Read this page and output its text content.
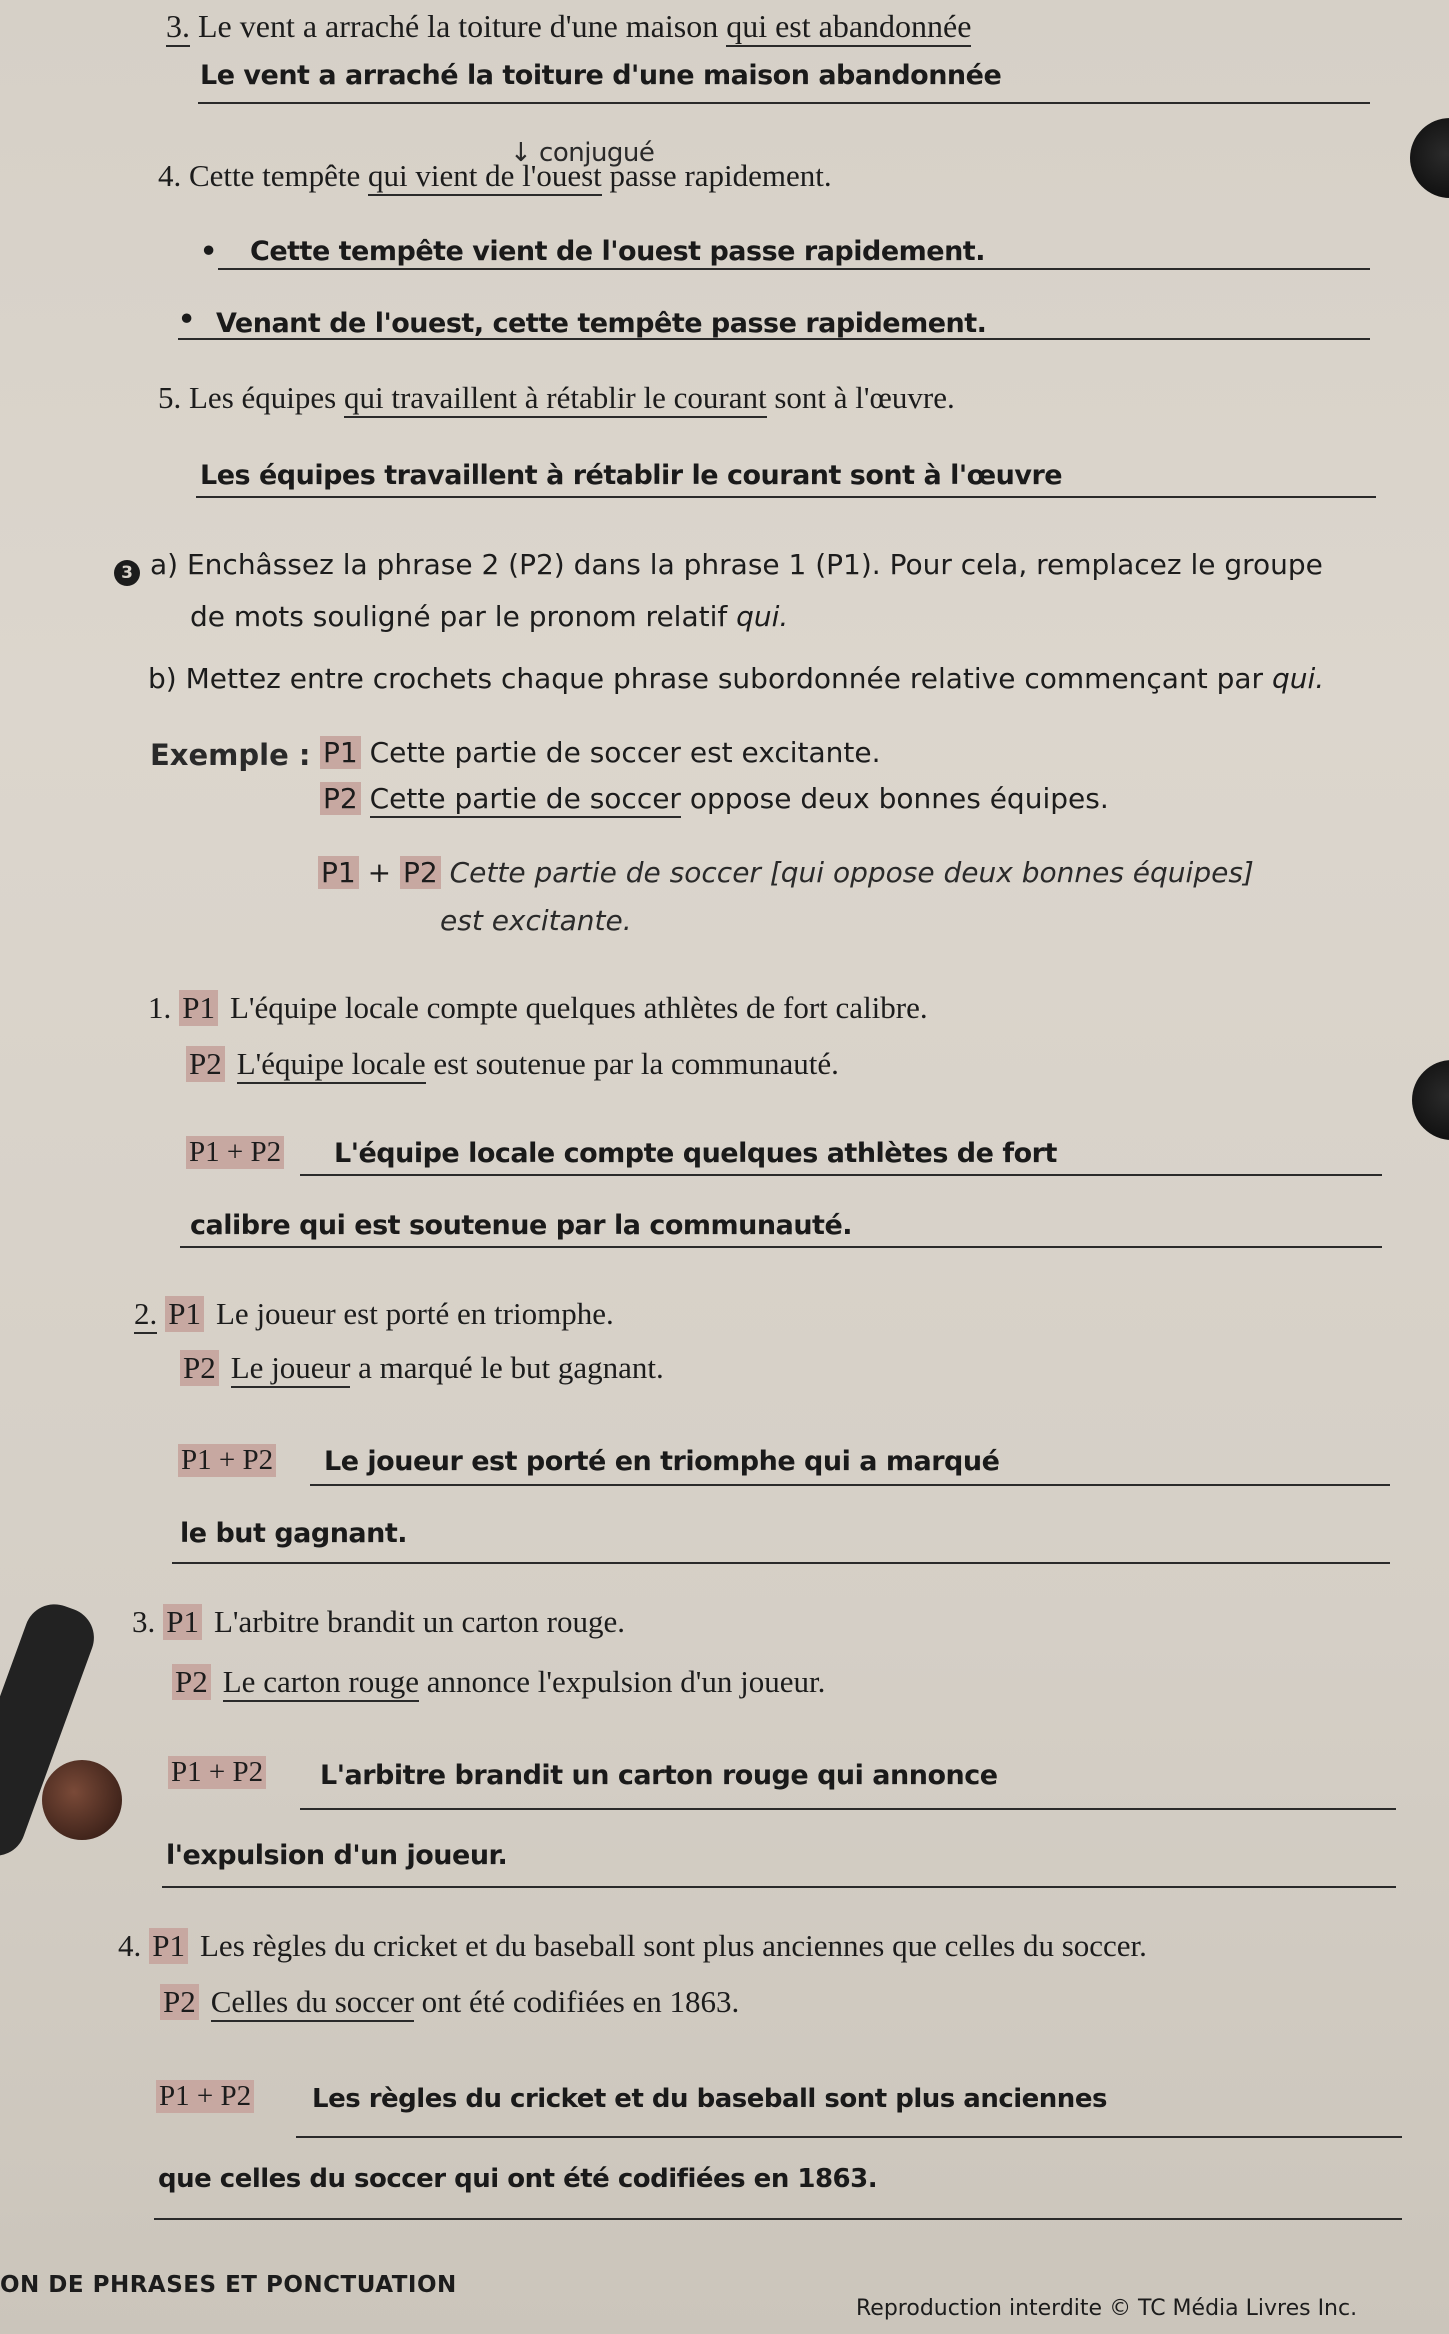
3. Le vent a arraché la toiture d'une maison qui est abandonnée
Le vent a arraché la toiture d'une maison abandonnée
↓ conjugué
4. Cette tempête qui vient de l'ouest passe rapidement.
• Cette tempête vient de l'ouest passe rapidement.
• Venant de l'ouest, cette tempête passe rapidement.
5. Les équipes qui travaillent à rétablir le courant sont à l'œuvre.
Les équipes travaillent à rétablir le courant sont à l'œuvre
3 a) Enchâssez la phrase 2 (P2) dans la phrase 1 (P1). Pour cela, remplacez le groupe
de mots souligné par le pronom relatif qui.
b) Mettez entre crochets chaque phrase subordonnée relative commençant par qui.
Exemple : P1 Cette partie de soccer est excitante.
P2 Cette partie de soccer oppose deux bonnes équipes.
P1 + P2 Cette partie de soccer [qui oppose deux bonnes équipes]
est excitante.
1. P1 L'équipe locale compte quelques athlètes de fort calibre.
P2 L'équipe locale est soutenue par la communauté.
P1 + P2 L'équipe locale compte quelques athlètes de fort
calibre qui est soutenue par la communauté.
2. P1 Le joueur est porté en triomphe.
P2 Le joueur a marqué le but gagnant.
P1 + P2 Le joueur est porté en triomphe qui a marqué
le but gagnant.
3. P1 L'arbitre brandit un carton rouge.
P2 Le carton rouge annonce l'expulsion d'un joueur.
P1 + P2 L'arbitre brandit un carton rouge qui annonce
l'expulsion d'un joueur.
4. P1 Les règles du cricket et du baseball sont plus anciennes que celles du soccer.
P2 Celles du soccer ont été codifiées en 1863.
P1 + P2 Les règles du cricket et du baseball sont plus anciennes
que celles du soccer qui ont été codifiées en 1863.
ON DE PHRASES ET PONCTUATION
Reproduction interdite © TC Média Livres Inc.
